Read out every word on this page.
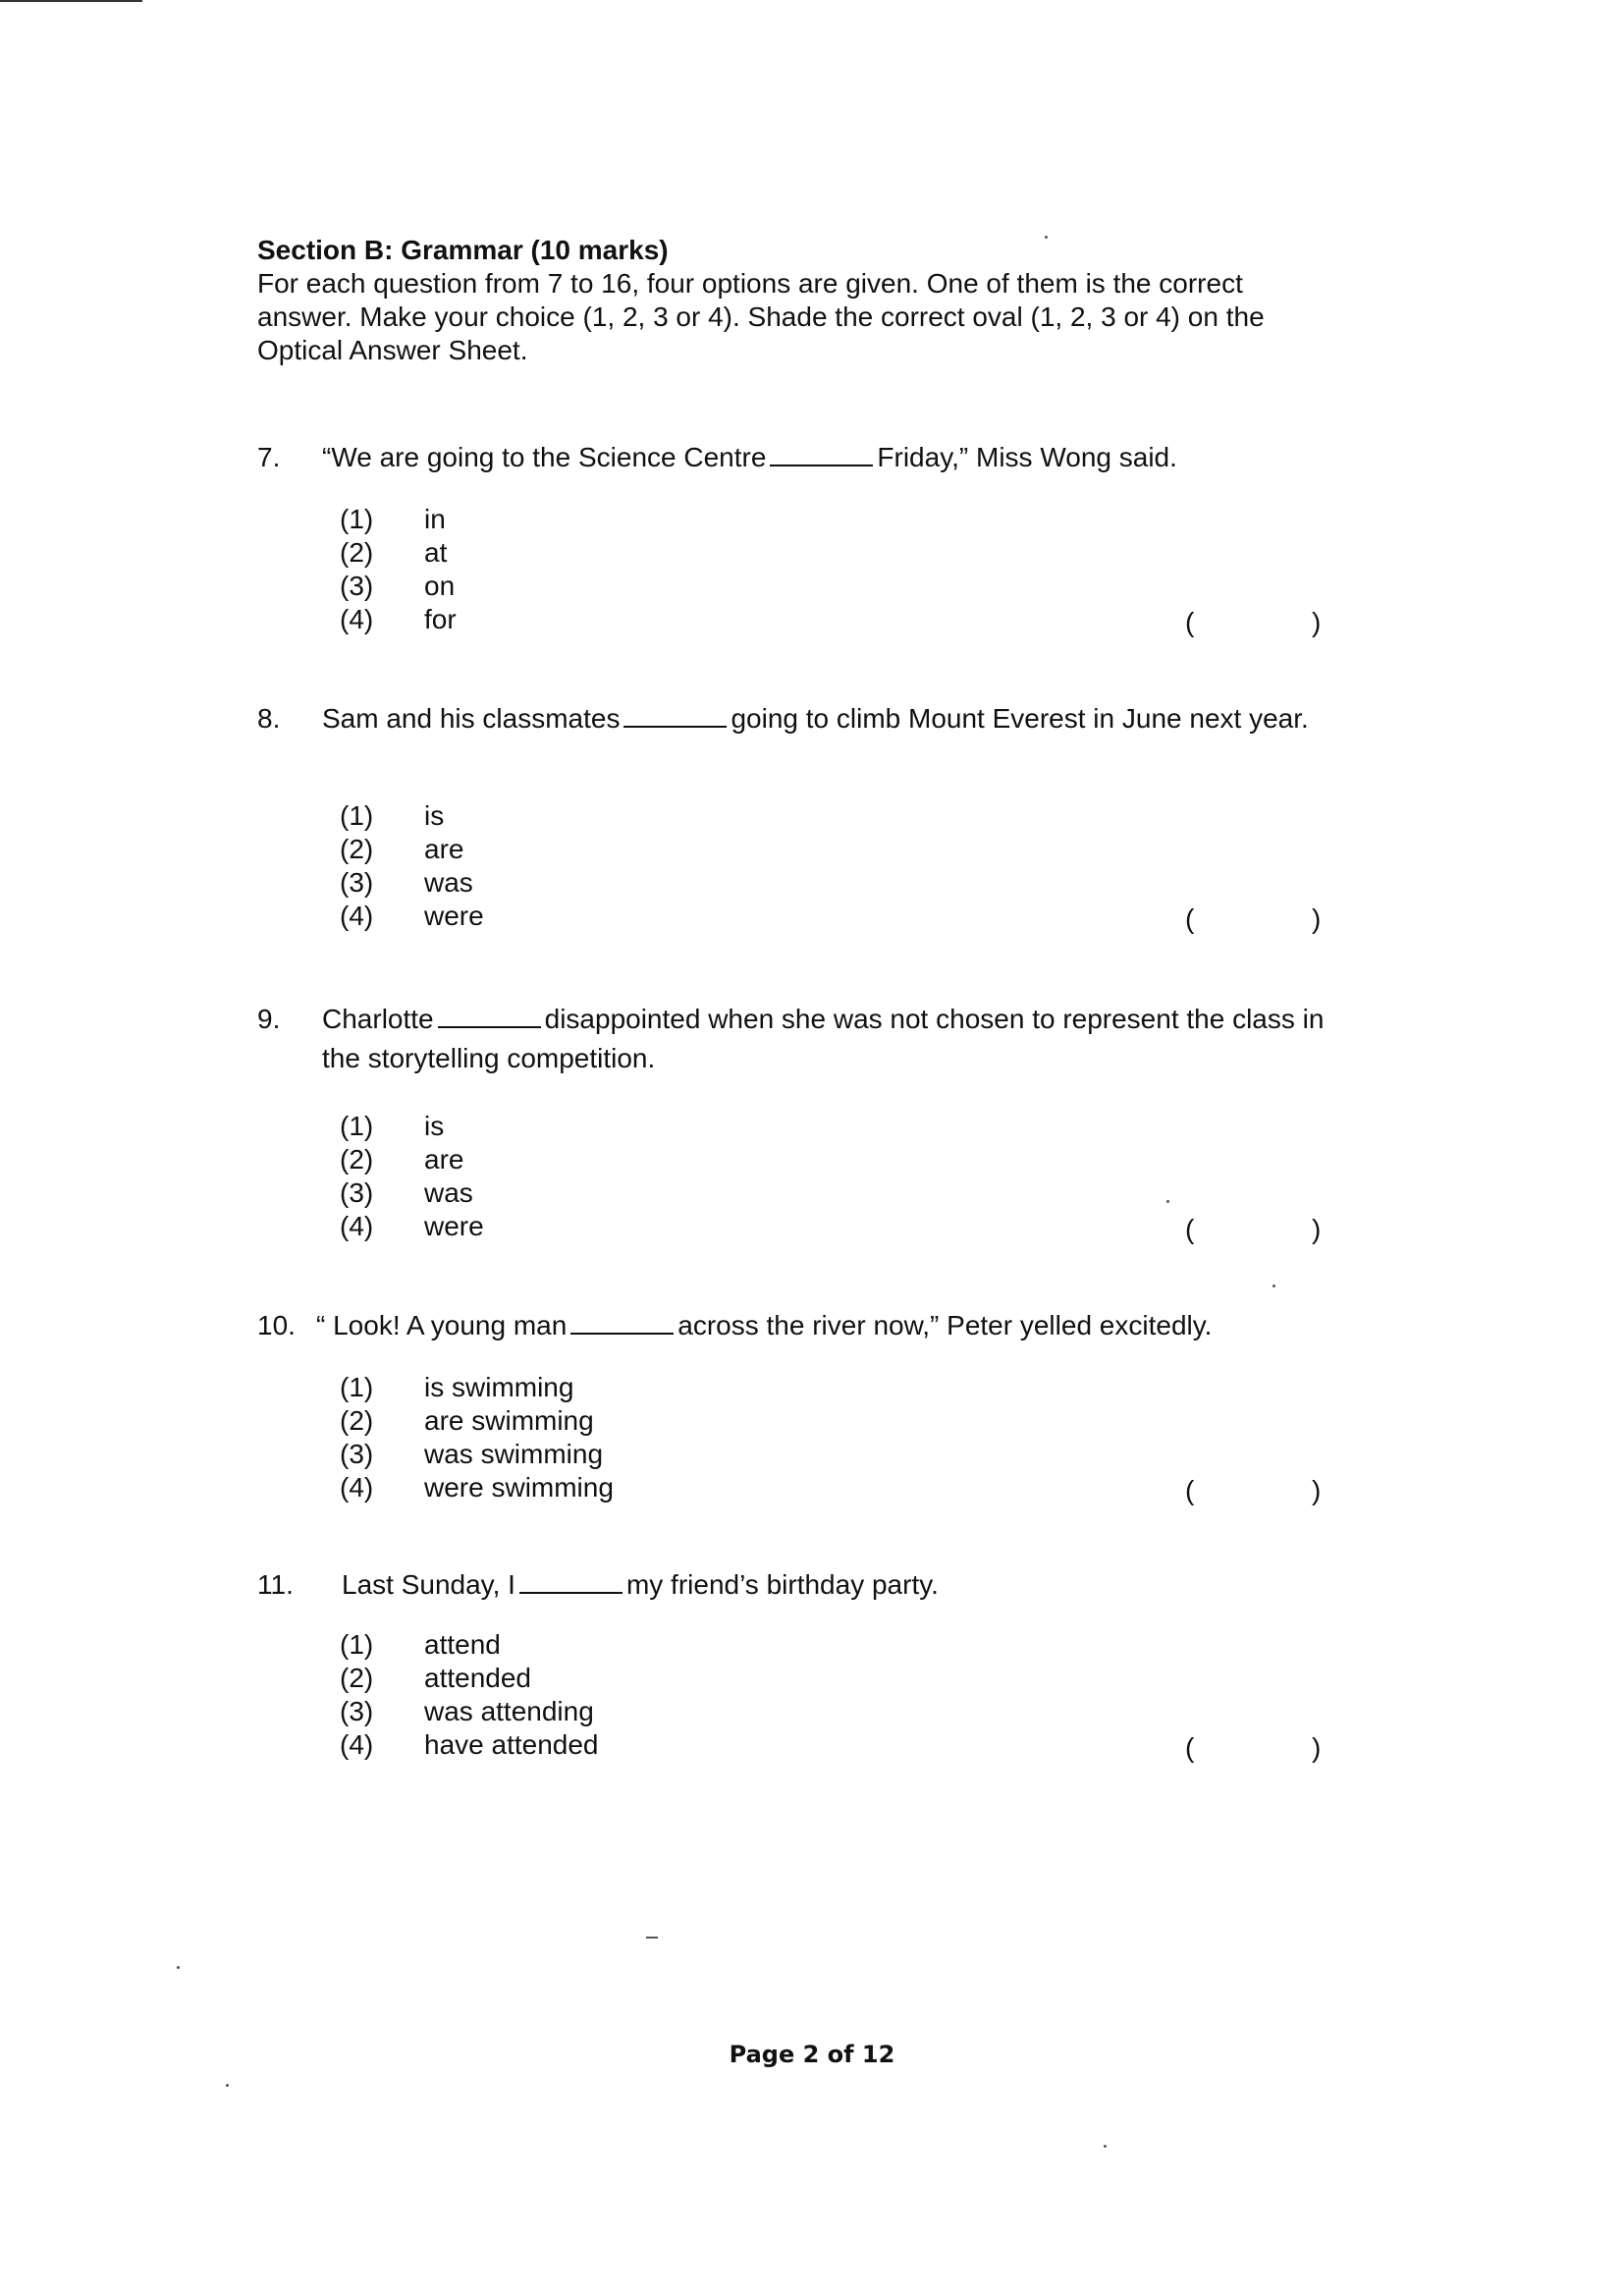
Section B: Grammar (10 marks)
For each question from 7 to 16, four options are given. One of them is the correct answer. Make your choice (1, 2, 3 or 4). Shade the correct oval (1, 2, 3 or 4) on the Optical Answer Sheet.
7. “We are going to the Science Centre	Friday,” Miss Wong said.
(1)	in
(2)	at
(3)	on
(4)	for	(	)
8. Sam and his classmates	going to climb Mount Everest in June next year.
(1)	is
(2)	are
(3)	was
(4)	were	(	)
9. Charlotte	disappointed when she was not chosen to represent the class in the storytelling competition.
(1)	is
(2)	are
(3)	was
(4)	were	(	)
10. “ Look! A young man	across the river now,” Peter yelled excitedly.
(1)	is swimming
(2)	are swimming
(3)	was swimming
(4)	were swimming	(	)
11. Last Sunday, I	my friend’s birthday party.
(1)	attend
(2)	attended
(3)	was attending
(4)	have attended	(	)
Page 2 of 12
